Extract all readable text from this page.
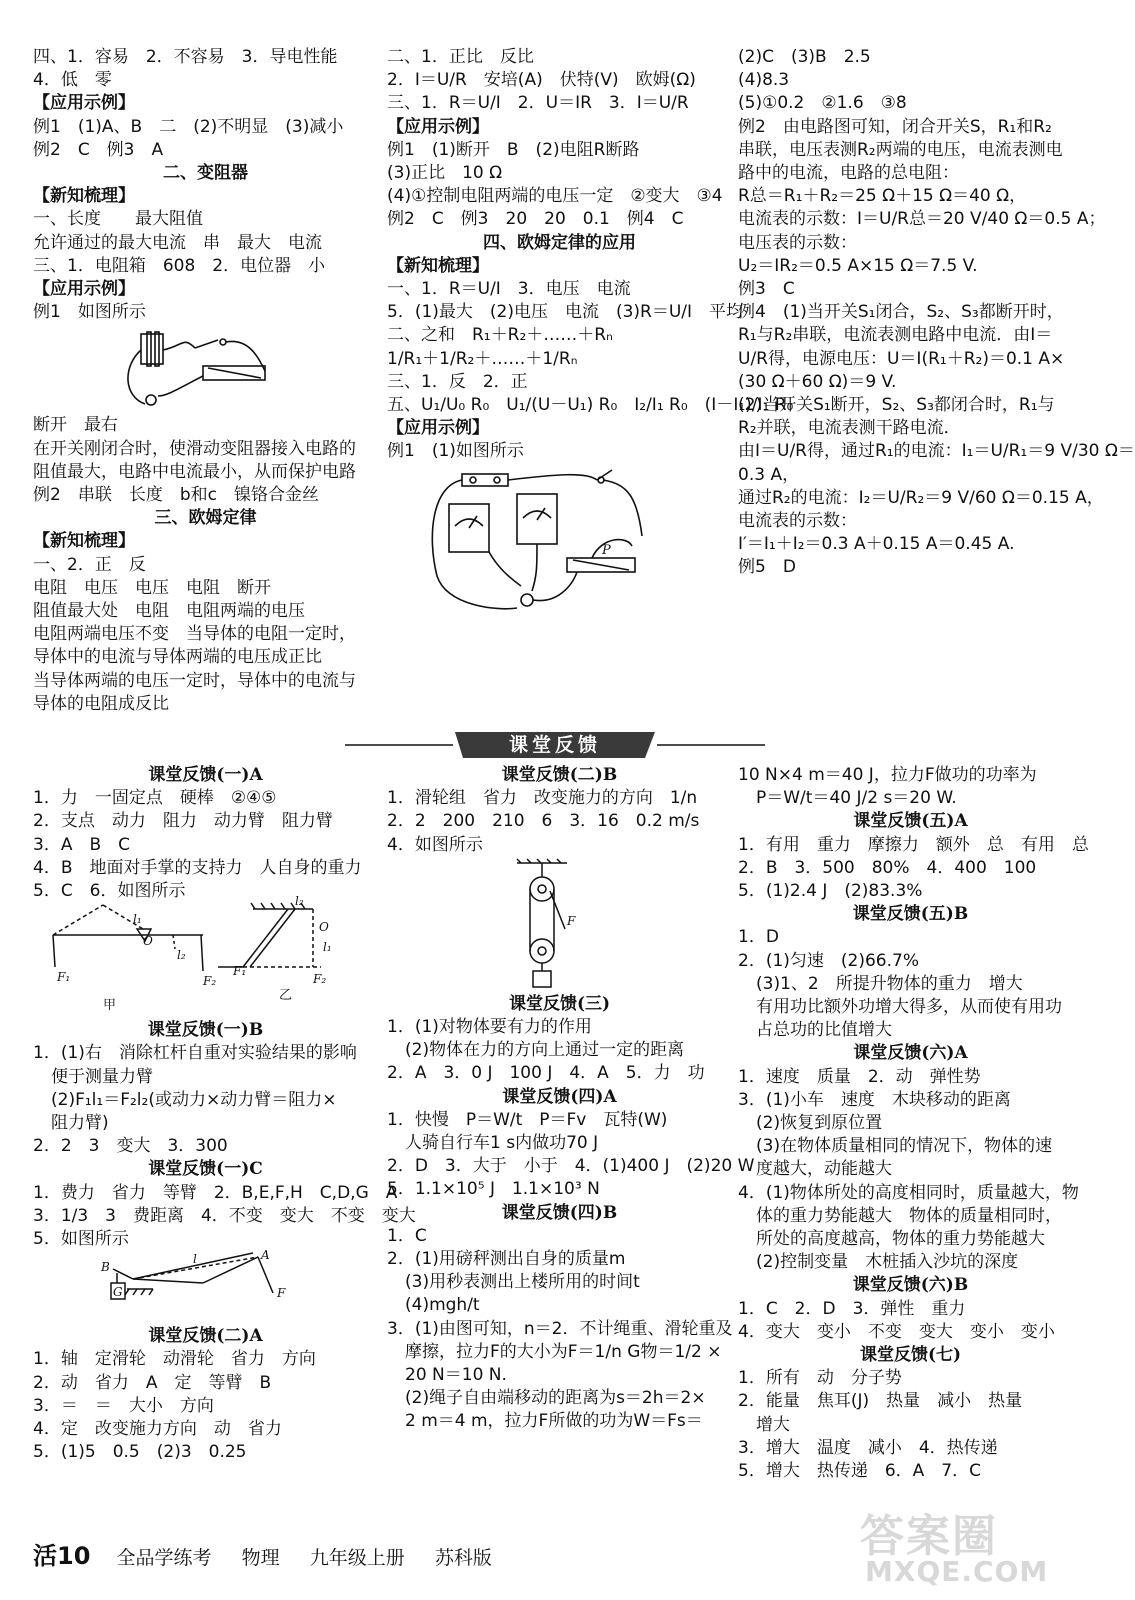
四、1．容易　2．不容易　3．导电性能
4．低　零
【应用示例】
例1　(1)A、B　二　(2)不明显　(3)减小
例2　C　例3　A
二、变阻器
【新知梳理】
一、长度　　最大阻值
允许通过的最大电流　串　最大　电流
三、1．电阻箱　608　2．电位器　小
【应用示例】
例1　如图所示
断开　最右
在开关刚闭合时，使滑动变阻器接入电路的
阻值最大，电路中电流最小，从而保护电路
例2　串联　长度　b和c　镍铬合金丝
三、欧姆定律
【新知梳理】
一、2．正　反
电阻　电压　电压　电阻　断开
阻值最大处　电阻　电阻两端的电压
电阻两端电压不变　当导体的电阻一定时，
导体中的电流与导体两端的电压成正比
当导体两端的电压一定时，导体中的电流与
导体的电阻成反比
二、1．正比　反比
2．I＝U/R　安培(A)　伏特(V)　欧姆(Ω)
三、1．R＝U/I　2．U＝IR　3．I＝U/R
【应用示例】
例1　(1)断开　B　(2)电阻R断路
(3)正比　10 Ω
(4)①控制电阻两端的电压一定　②变大　③4
例2　C　例3　20　20　0.1　例4　C
四、欧姆定律的应用
【新知梳理】
一、1．R＝U/I　3．电压　电流
5．(1)最大　(2)电压　电流　(3)R＝U/I　平均
二、之和　R₁＋R₂＋……＋Rₙ
1/R₁＋1/R₂＋……＋1/Rₙ
三、1．反　2．正
五、U₁/U₀ R₀　U₁/(U－U₁) R₀　I₂/I₁ R₀　(I－I₁)/I₁ R₀
【应用示例】
例1　(1)如图所示
P
(2)C　(3)B　2.5
(4)8.3
(5)①0.2　②1.6　③8
例2　由电路图可知，闭合开关S，R₁和R₂
串联，电压表测R₂两端的电压，电流表测电
路中的电流，电路的总电阻：
R总＝R₁＋R₂＝25 Ω＋15 Ω＝40 Ω，
电流表的示数：I＝U/R总＝20 V/40 Ω＝0.5 A；
电压表的示数：
U₂＝IR₂＝0.5 A×15 Ω＝7.5 V.
例3　C
例4　(1)当开关S₁闭合，S₂、S₃都断开时，
R₁与R₂串联，电流表测电路中电流．由I＝
U/R得，电源电压：U＝I(R₁＋R₂)＝0.1 A×
(30 Ω＋60 Ω)＝9 V.
(2)当开关S₁断开，S₂、S₃都闭合时，R₁与
R₂并联，电流表测干路电流．
由I＝U/R得，通过R₁的电流：I₁＝U/R₁＝9 V/30 Ω＝
0.3 A，
通过R₂的电流：I₂＝U/R₂＝9 V/60 Ω＝0.15 A，
电流表的示数：
I′＝I₁＋I₂＝0.3 A＋0.15 A＝0.45 A.
例5　D
课堂反馈
课堂反馈(一)A
1．力　一固定点　硬棒　②④⑤
2．支点　动力　阻力　动力臂　阻力臂
3．A　B　C
4．B　地面对手掌的支持力　人自身的重力
5．C　6．如图所示
l₁
O
F₁	F₂
l₂
l₂
O
l₁
F₁
F₂
甲
乙
课堂反馈(一)B
1．(1)右　消除杠杆自重对实验结果的影响
便于测量力臂
(2)F₁l₁＝F₂l₂(或动力×动力臂＝阻力×
阻力臂)
2．2　3　变大　3．300
课堂反馈(一)C
1．费力　省力　等臂　2．B,E,F,H　C,D,G　A
3．1/3　3　费距离　4．不变　变大　不变　变大
5．如图所示
B
G
A
F
l
课堂反馈(二)A
1．轴　定滑轮　动滑轮　省力　方向
2．动　省力　A　定　等臂　B
3．＝　＝　大小　方向
4．定　改变施力方向　动　省力
5．(1)5　0.5　(2)3　0.25
课堂反馈(二)B
1．滑轮组　省力　改变施力的方向　1/n
2．2　200　210　6　3．16　0.2 m/s
4．如图所示
F
课堂反馈(三)
1．(1)对物体要有力的作用
(2)物体在力的方向上通过一定的距离
2．A　3．0 J　100 J　4．A　5．力　功
课堂反馈(四)A
1．快慢　P＝W/t　P＝Fv　瓦特(W)
人骑自行车1 s内做功70 J
2．D　3．大于　小于　4．(1)400 J　(2)20 W
5．1.1×10⁵ J　1.1×10³ N
课堂反馈(四)B
1．C
2．(1)用磅秤测出自身的质量m
(3)用秒表测出上楼所用的时间t
(4)mgh/t
3．(1)由图可知，n＝2．不计绳重、滑轮重及
摩擦，拉力F的大小为F＝1/n G物＝1/2 ×
20 N＝10 N.
(2)绳子自由端移动的距离为s＝2h＝2×
2 m＝4 m，拉力F所做的功为W＝Fs＝
10 N×4 m＝40 J，拉力F做功的功率为
P＝W/t＝40 J/2 s＝20 W.
课堂反馈(五)A
1．有用　重力　摩擦力　额外　总　有用　总
2．B　3．500　80%　4．400　100
5．(1)2.4 J　(2)83.3%
课堂反馈(五)B
1．D
2．(1)匀速　(2)66.7%
(3)1、2　所提升物体的重力　增大
有用功比额外功增大得多，从而使有用功
占总功的比值增大
课堂反馈(六)A
1．速度　质量　2．动　弹性势
3．(1)小车　速度　木块移动的距离
(2)恢复到原位置
(3)在物体质量相同的情况下，物体的速
度越大，动能越大
4．(1)物体所处的高度相同时，质量越大，物
体的重力势能越大　物体的质量相同时，
所处的高度越高，物体的重力势能越大
(2)控制变量　木桩插入沙坑的深度
课堂反馈(六)B
1．C　2．D　3．弹性　重力
4．变大　变小　不变　变大　变小　变小
课堂反馈(七)
1．所有　动　分子势
2．能量　焦耳(J)　热量　减小　热量
增大
3．增大　温度　减小　4．热传递
5．增大　热传递　6．A　7．C
活10 全品学练考 物理 九年级上册 苏科版	答案圈
MXQE.COM
